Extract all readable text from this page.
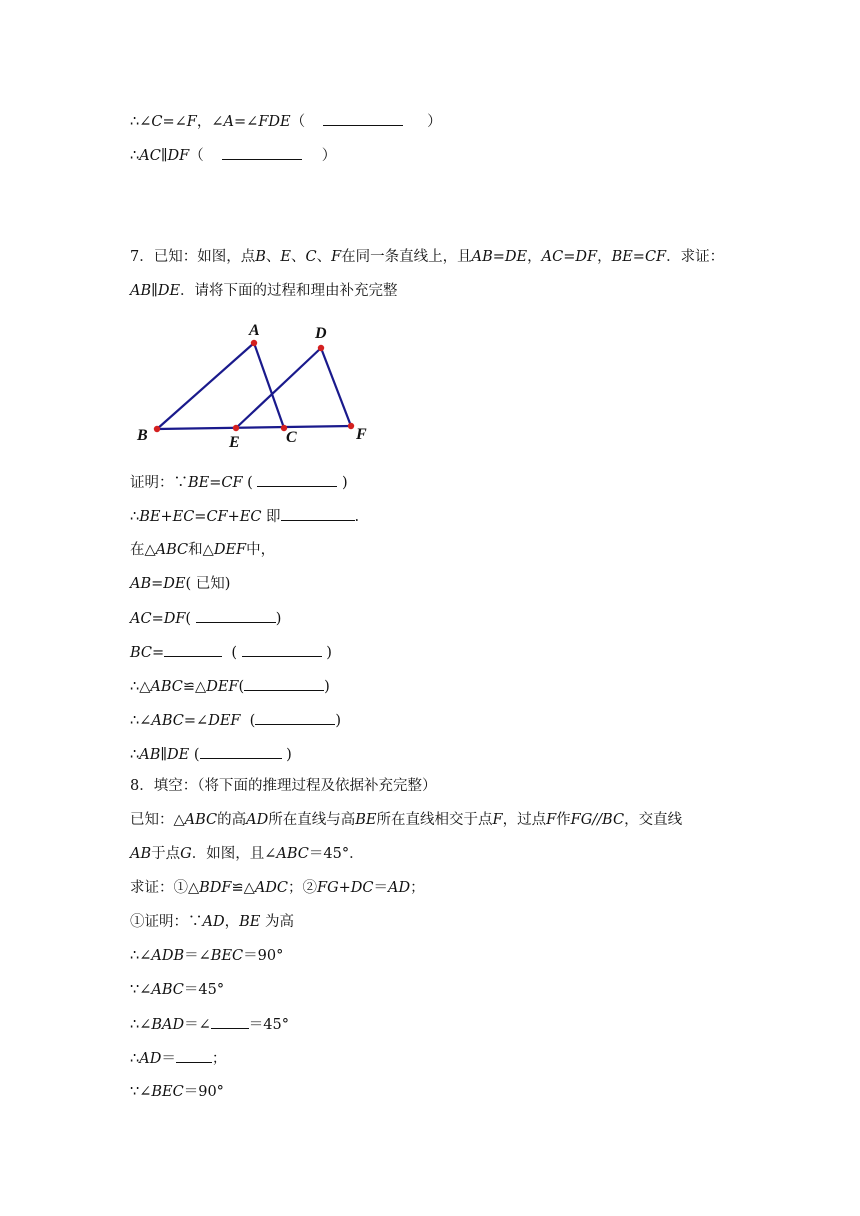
∴∠C=∠F，∠A=∠FDE（	）
∴AC∥DF（	）
7．已知：如图，点B、E、C、F在同一条直线上，且AB=DE，AC=DF，BE=CF．求证：
AB∥DE．请将下面的过程和理由补充完整
A	D
B	E	C	F
证明：∵BE=CF (	)
∴BE+EC=CF+EC 即	.
在△ABC和△DEF中，
AB=DE( 已知)
AC=DF(	)
BC=	(	)
∴△ABC≌△DEF(	)
∴∠ABC=∠DEF  (	)
∴AB∥DE (	)
8．填空：（将下面的推理过程及依据补充完整）
已知：△ABC的高AD所在直线与高BE所在直线相交于点F，过点F作FG//BC，交直线
AB于点G．如图，且∠ABC＝45°．
求证：①△BDF≌△ADC；②FG+DC＝AD；
①证明：∵AD，BE 为高
∴∠ADB＝∠BEC＝90°
∵∠ABC＝45°
∴∠BAD＝∠	＝45°
∴AD＝ ；
∵∠BEC＝90°
